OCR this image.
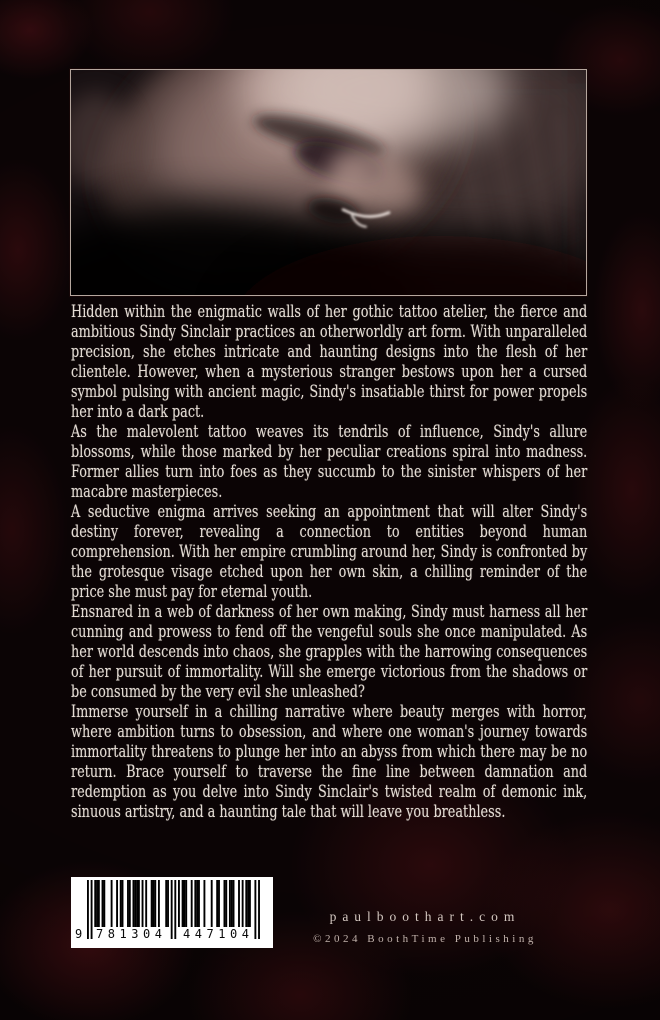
Hidden within the enigmatic walls of her gothic tattoo atelier, the fierce and ambitious Sindy Sinclair practices an otherworldly art form. With unparalleled precision, she etches intricate and haunting designs into the flesh of her clientele. However, when a mysterious stranger bestows upon her a cursed symbol pulsing with ancient magic, Sindy's insatiable thirst for power propels her into a dark pact.

As the malevolent tattoo weaves its tendrils of influence, Sindy's allure blossoms, while those marked by her peculiar creations spiral into madness. Former allies turn into foes as they succumb to the sinister whispers of her macabre masterpieces.

A seductive enigma arrives seeking an appointment that will alter Sindy's destiny forever, revealing a connection to entities beyond human comprehension. With her empire crumbling around her, Sindy is confronted by the grotesque visage etched upon her own skin, a chilling reminder of the price she must pay for eternal youth.

Ensnared in a web of darkness of her own making, Sindy must harness all her cunning and prowess to fend off the vengeful souls she once manipulated. As her world descends into chaos, she grapples with the harrowing consequences of her pursuit of immortality. Will she emerge victorious from the shadows or be consumed by the very evil she unleashed?

Immerse yourself in a chilling narrative where beauty merges with horror, where ambition turns to obsession, and where one woman's journey towards immortality threatens to plunge her into an abyss from which there may be no return. Brace yourself to traverse the fine line between damnation and redemption as you delve into Sindy Sinclair's twisted realm of demonic ink, sinuous artistry, and a haunting tale that will leave you breathless.

9 781304 447104
paulboothart.com
©2024 BoothTime Publishing
